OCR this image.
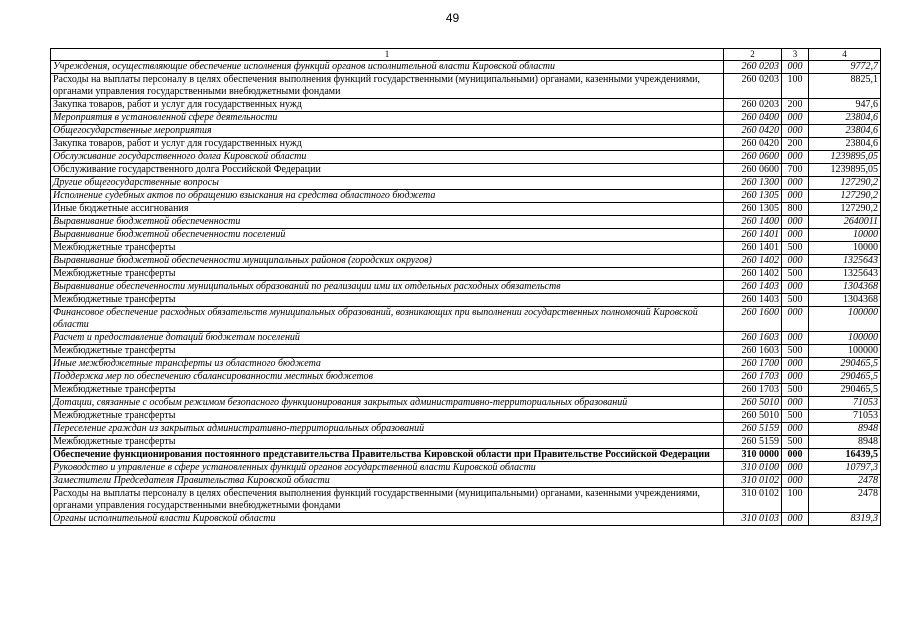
49
1	2	3	4
Учреждения, осуществляющие обеспечение исполнения функций органов исполнительной власти Кировской области	260 0203	000	9772,7
Расходы на выплаты персоналу в целях обеспечения выполнения функций государственными (муниципальными) органами, казенными учреждениями, органами управления государственными внебюджетными фондами	260 0203	100	8825,1
Закупка товаров, работ и услуг для государственных нужд	260 0203	200	947,6
Мероприятия в установленной сфере деятельности	260 0400	000	23804,6
Общегосударственные мероприятия	260 0420	000	23804,6
Закупка товаров, работ и услуг для государственных нужд	260 0420	200	23804,6
Обслуживание государственного долга Кировской области	260 0600	000	1239895,05
Обслуживание государственного долга Российской Федерации	260 0600	700	1239895,05
Другие общегосударственные вопросы	260 1300	000	127290,2
Исполнение судебных актов по обращению взыскания на средства областного бюджета	260 1305	000	127290,2
Иные бюджетные ассигнования	260 1305	800	127290,2
Выравнивание бюджетной обеспеченности	260 1400	000	2640011
Выравнивание бюджетной обеспеченности поселений	260 1401	000	10000
Межбюджетные трансферты	260 1401	500	10000
Выравнивание бюджетной обеспеченности муниципальных районов (городских округов)	260 1402	000	1325643
Межбюджетные трансферты	260 1402	500	1325643
Выравнивание обеспеченности муниципальных образований по реализации ими их отдельных расходных обязательств	260 1403	000	1304368
Межбюджетные трансферты	260 1403	500	1304368
Финансовое обеспечение расходных обязательств муниципальных образований, возникающих при выполнении государственных полномочий Кировской области	260 1600	000	100000
Расчет и предоставление дотаций бюджетам поселений	260 1603	000	100000
Межбюджетные трансферты	260 1603	500	100000
Иные межбюджетные трансферты из областного бюджета	260 1700	000	290465,5
Поддержка мер по обеспечению сбалансированности местных бюджетов	260 1703	000	290465,5
Межбюджетные трансферты	260 1703	500	290465,5
Дотации, связанные с особым режимом безопасного функционирования закрытых административно-территориальных образований	260 5010	000	71053
Межбюджетные трансферты	260 5010	500	71053
Переселение граждан из закрытых административно-территориальных образований	260 5159	000	8948
Межбюджетные трансферты	260 5159	500	8948
Обеспечение функционирования постоянного представительства Правительства Кировской области при Правительстве Российской Федерации	310 0000	000	16439,5
Руководство и управление в сфере установленных функций органов государственной власти Кировской области	310 0100	000	10797,3
Заместители Председателя Правительства Кировской области	310 0102	000	2478
Расходы на выплаты персоналу в целях обеспечения выполнения функций государственными (муниципальными) органами, казенными учреждениями, органами управления государственными внебюджетными фондами	310 0102	100	2478
Органы исполнительной власти Кировской области	310 0103	000	8319,3
